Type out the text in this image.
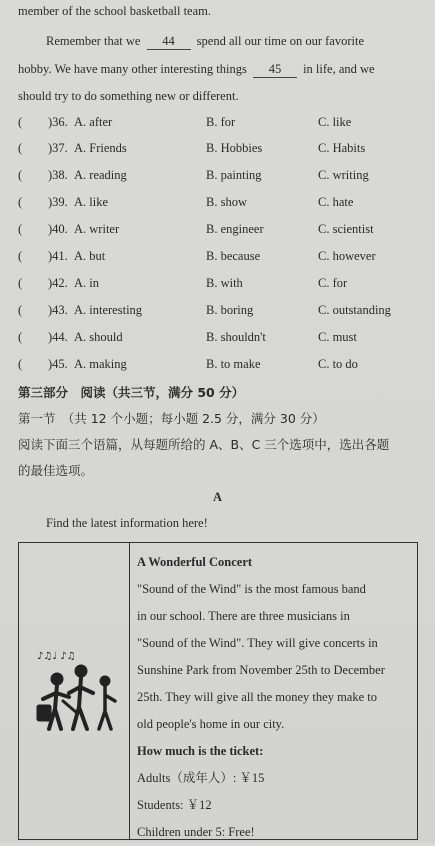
member of the school basketball team.
Remember that we 44 spend all our time on our favorite
hobby. We have many other interesting things 45 in life, and we
should try to do something new or different.
( )36. A. after	B. for	C. like
( )37. A. Friends	B. Hobbies	C. Habits
( )38. A. reading	B. painting	C. writing
( )39. A. like	B. show	C. hate
( )40. A. writer	B. engineer	C. scientist
( )41. A. but	B. because	C. however
( )42. A. in	B. with	C. for
( )43. A. interesting	B. boring	C. outstanding
( )44. A. should	B. shouldn't	C. must
( )45. A. making	B. to make	C. to do
第三部分　阅读（共三节，满分 50 分）
第一节　（共 12 个小题；每小题 2.5 分，满分 30 分）
阅读下面三个语篇，从每题所给的 A、B、C 三个选项中，选出各题
的最佳选项。
A
Find the latest information here!
♪♫♩ ♪♫

A Wonderful Concert

"Sound of the Wind" is the most famous band

in our school. There are three musicians in

"Sound of the Wind". They will give concerts in

Sunshine Park from November 25th to December

25th. They will give all the money they make to

old people's home in our city.

How much is the ticket:

Adults（成年人）: ￥15

Students: ￥12

Children under 5: Free!
